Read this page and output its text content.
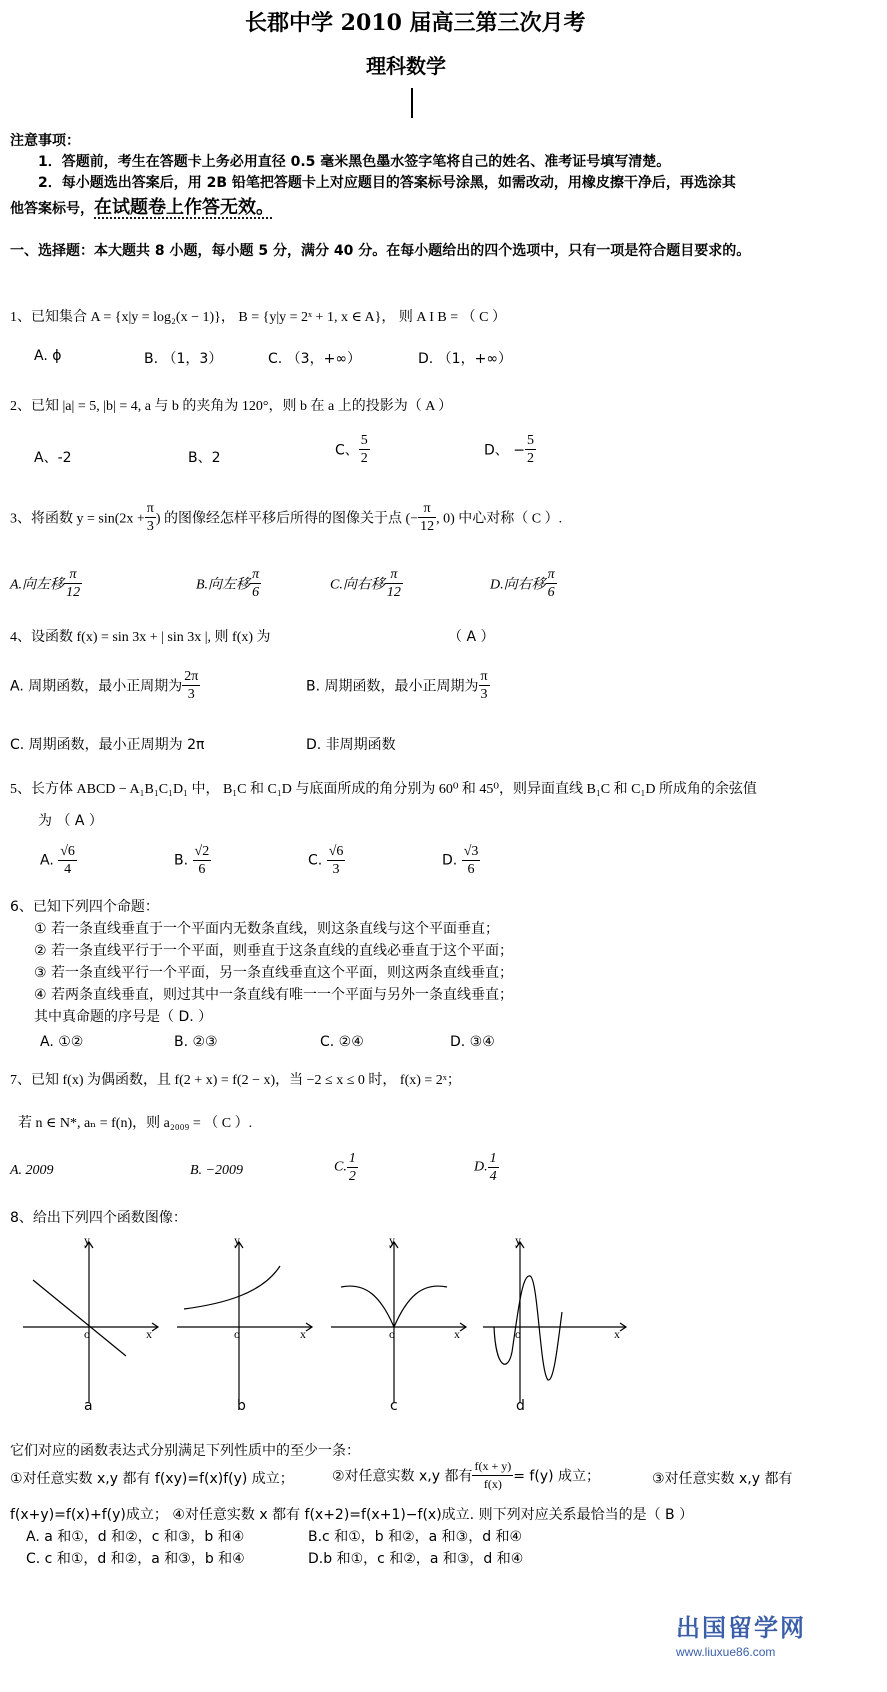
长郡中学 2010 届高三第三次月考
理科数学
注意事项：
1．答题前，考生在答题卡上务必用直径 0.5 毫米黑色墨水签字笔将自己的姓名、准考证号填写清楚。
2．每小题选出答案后，用 2B 铅笔把答题卡上对应题目的答案标号涂黑，如需改动，用橡皮擦干净后，再选涂其
他答案标号，在试题卷上作答无效。
一、选择题：本大题共 8 小题，每小题 5 分，满分 40 分。在每小题给出的四个选项中，只有一项是符合题目要求的。
1、已知集合 A = {x|y = log₂(x − 1)}， B = {y|y = 2ˣ + 1, x ∈ A}， 则 A I B = （ C ）
A. ϕ	B. （1，3）	C. （3，+∞）	D. （1，+∞）
2、已知 |a| = 5, |b| = 4, a 与 b 的夹角为 120°，则 b 在 a 上的投影为（ A ）
A、-2	B、2	C、 $\frac{5}{2}$	D、 − $\frac{5}{2}$
3、将函数 $y = \sin(2x + \frac{\pi}{3}$ ) 的图像经怎样平移后所得的图像关于点 (− $\frac{\pi}{12}$ , 0) 中心对称（ C ）.
A.向左移 $\frac{\pi}{12}$	B.向左移 $\frac{\pi}{6}$	C.向右移 $\frac{\pi}{12}$	D.向右移 $\frac{\pi}{6}$
4、设函数 f(x) = sin 3x + | sin 3x |, 则 f(x) 为	（ A ）
A. 周期函数，最小正周期为 $\frac{2\pi}{3}$	B. 周期函数，最小正周期为 $\frac{\pi}{3}$
C. 周期函数，最小正周期为 2π	D. 非周期函数
5、长方体 ABCD − A₁B₁C₁D₁ 中， B₁C 和 C₁D 与底面所成的角分别为 60⁰ 和 45⁰，则异面直线 B₁C 和 C₁D 所成角的余弦值
为 （ A ）
A. $\frac{√6}{4}$	B. $\frac{√2}{6}$	C. $\frac{√6}{3}$	D. $\frac{√3}{6}$
6、已知下列四个命题：
① 若一条直线垂直于一个平面内无数条直线，则这条直线与这个平面垂直；
② 若一条直线平行于一个平面，则垂直于这条直线的直线必垂直于这个平面；
③ 若一条直线平行一个平面，另一条直线垂直这个平面，则这两条直线垂直；
④ 若两条直线垂直，则过其中一条直线有唯一一个平面与另外一条直线垂直；
其中真命题的序号是（ D. ）
A. ①②	B. ②③	C. ②④	D. ③④
7、已知 f(x) 为偶函数，且 f(2 + x) = f(2 − x)，当 −2 ≤ x ≤ 0 时， f(x) = 2ˣ；
若 n ∈ N*, aₙ = f(n)，则 a₂₀₀₉ = （ C ）.
A. 2009	B. −2009	C. $\frac{1}{2}$	D. $\frac{1}{4}$
8、给出下列四个函数图像：
y
x
o
y
x
o
y
x
o
y
x
o
a	b	c	d
它们对应的函数表达式分别满足下列性质中的至少一条：
①对任意实数 x,y 都有 f(xy)=f(x)f(y) 成立；	②对任意实数 x,y 都有 $\frac{f(x + y)}{f(x)} = f(y)$ 成立；	③对任意实数 x,y 都有
f(x+y)=f(x)+f(y)成立； ④对任意实数 x 都有 f(x+2)=f(x+1)−f(x)成立. 则下列对应关系最恰当的是（ B ）
A. a 和①，d 和②，c 和③，b 和④	B.c 和①，b 和②，a 和③，d 和④
C. c 和①，d 和②，a 和③，b 和④	D.b 和①，c 和②，a 和③，d 和④
出国留学网
www.liuxue86.com
